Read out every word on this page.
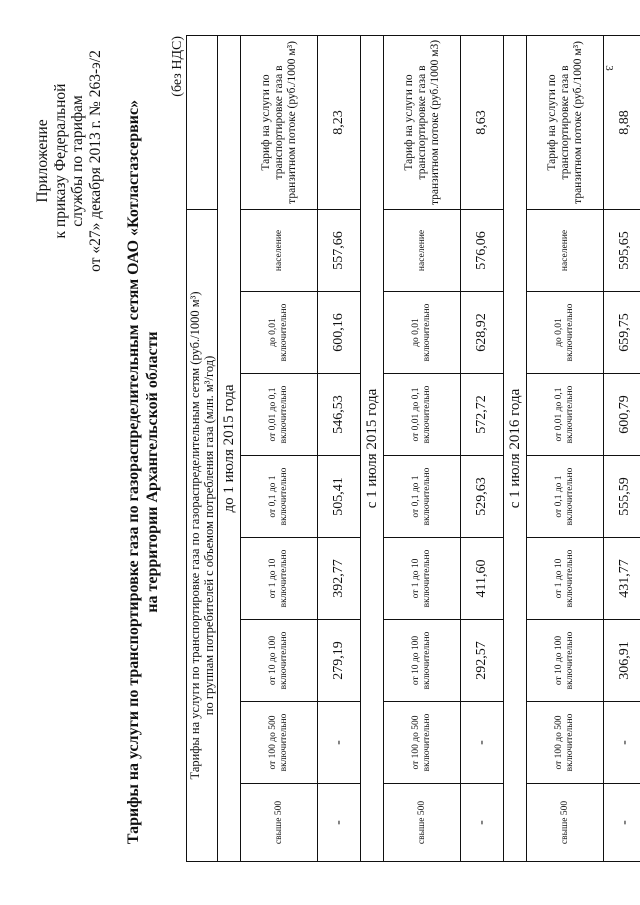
3
Приложение к приказу Федеральной службы по тарифам от «27» декабря 2013 г. № 263-э/2 Тарифы на услуги по транспортировке газа по газораспределительным сетям ОАО «Котласгазсервис» на территории Архангельской области
(без НДС)
Тарифы на услуги по транспортировке газа по газораспределительным сетям (руб./1000 м³) по группам потребителей с объемом потребления газа (млн. м³/год)								

до 1 июля 2015 года								
свыше 500	от 100 до 500 включительно	от 10 до 100 включительно	от 1 до 10 включительно	от 0,1 до 1 включительно	от 0,01 до 0,1 включительно	до 0,01 включительно	население	Тариф на услуги по транспортировке газа в транзитном потоке (руб./1000 м³)
-	-	279,19	392,77	505,41	546,53	600,16	557,66	8,23
с 1 июля 2015 года								
свыше 500	от 100 до 500 включительно	от 10 до 100 включительно	от 1 до 10 включительно	от 0,1 до 1 включительно	от 0,01 до 0,1 включительно	до 0,01 включительно	население	Тариф на услуги по транспортировке газа в транзитном потоке (руб./1000 м3)
-	-	292,57	411,60	529,63	572,72	628,92	576,06	8,63
с 1 июля 2016 года								
свыше 500	от 100 до 500 включительно	от 10 до 100 включительно	от 1 до 10 включительно	от 0,1 до 1 включительно	от 0,01 до 0,1 включительно	до 0,01 включительно	население	Тариф на услуги по транспортировке газа в транзитном потоке (руб./1000 м³)
-	-	306,91	431,77	555,59	600,79	659,75	595,65	8,88
